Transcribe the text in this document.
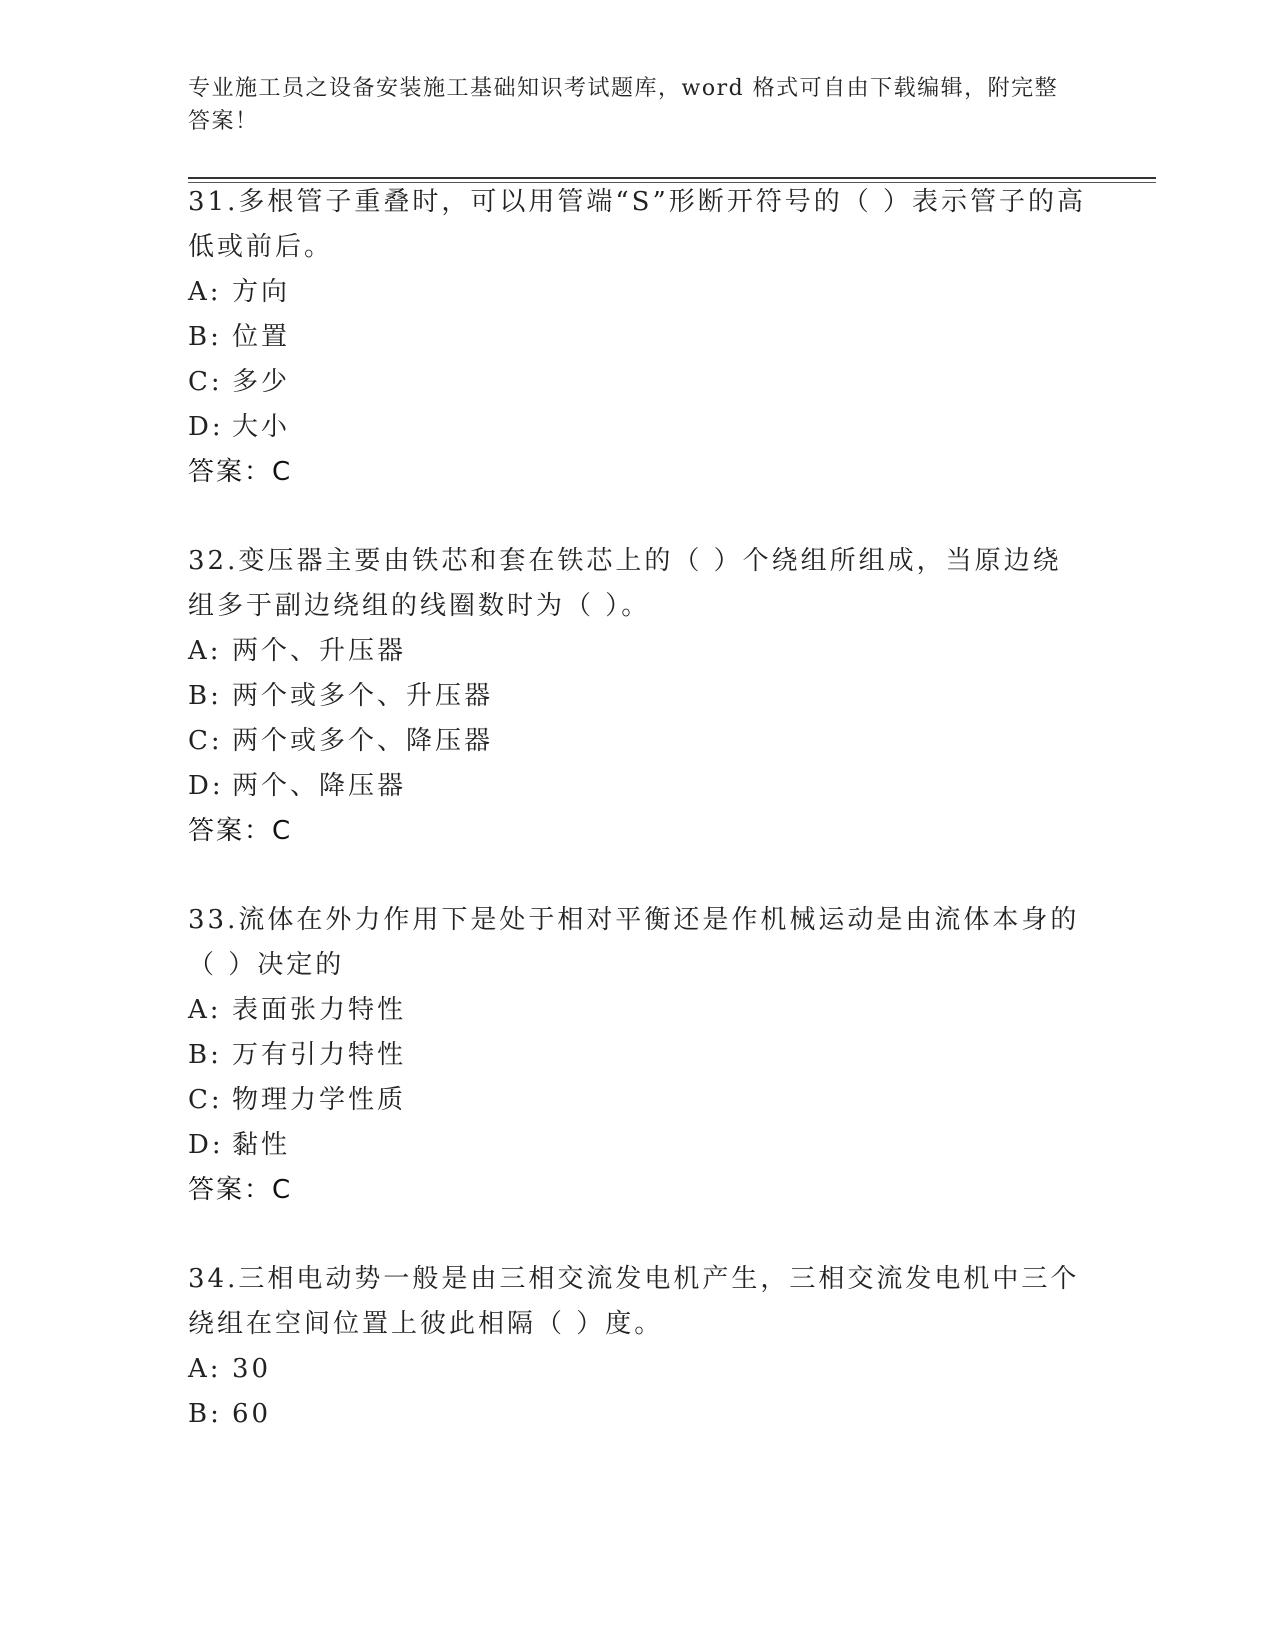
专业施工员之设备安装施工基础知识考试题库，word 格式可自由下载编辑，附完整答案！

31.多根管子重叠时，可以用管端“S”形断开符号的（ ）表示管子的高低或前后。

A: 方向

B: 位置

C: 多少

D: 大小

答案：C

32.变压器主要由铁芯和套在铁芯上的（ ）个绕组所组成，当原边绕组多于副边绕组的线圈数时为（ ）。

A: 两个、升压器

B: 两个或多个、升压器

C: 两个或多个、降压器

D: 两个、降压器

答案：C

33.流体在外力作用下是处于相对平衡还是作机械运动是由流体本身的（ ）决定的

A: 表面张力特性

B: 万有引力特性

C: 物理力学性质

D: 黏性

答案：C

34.三相电动势一般是由三相交流发电机产生，三相交流发电机中三个绕组在空间位置上彼此相隔（ ）度。

A: 30

B: 60
